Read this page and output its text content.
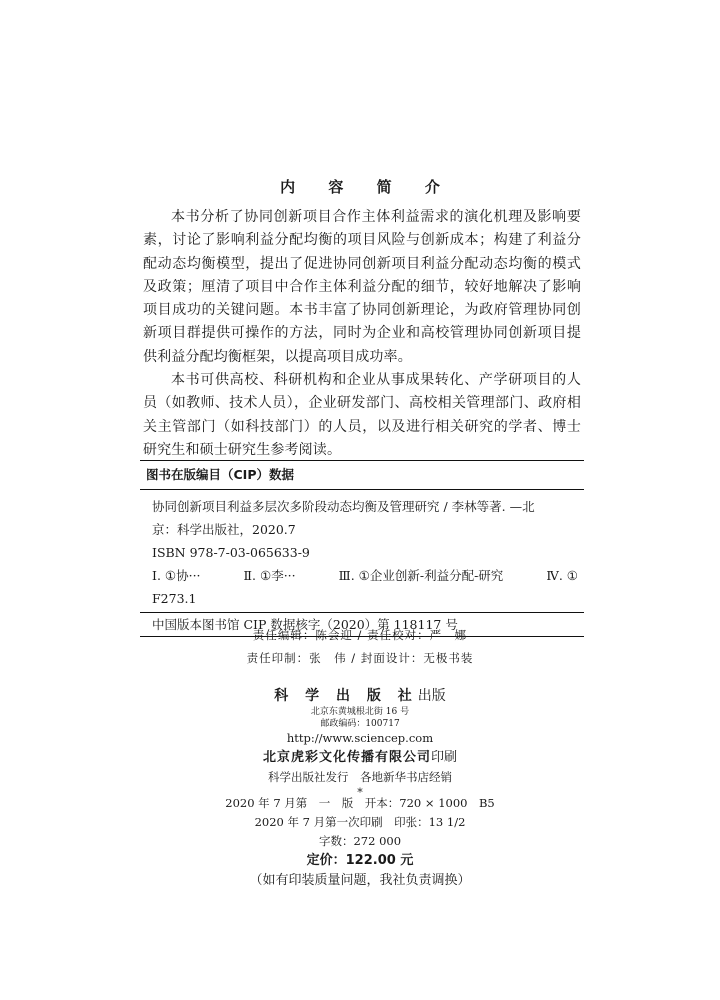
内 容 简 介

本书分析了协同创新项目合作主体利益需求的演化机理及影响要素，讨论了影响利益分配均衡的项目风险与创新成本；构建了利益分配动态均衡模型，提出了促进协同创新项目利益分配动态均衡的模式及政策；厘清了项目中合作主体利益分配的细节，较好地解决了影响项目成功的关键问题。本书丰富了协同创新理论，为政府管理协同创新项目群提供可操作的方法，同时为企业和高校管理协同创新项目提供利益分配均衡框架，以提高项目成功率。

本书可供高校、科研机构和企业从事成果转化、产学研项目的人员（如教师、技术人员），企业研发部门、高校相关管理部门、政府相关主管部门（如科技部门）的人员，以及进行相关研究的学者、博士研究生和硕士研究生参考阅读。

图书在版编目（CIP）数据
协同创新项目利益多层次多阶段动态均衡及管理研究 / 李林等著. —北
京：科学出版社，2020.7
ISBN 978-7-03-065633-9
Ⅰ. ①协···	Ⅱ. ①李···	Ⅲ. ①企业创新-利益分配-研究	Ⅳ. ①
F273.1
中国版本图书馆 CIP 数据核字（2020）第 118117 号
责任编辑：陈会迎 / 责任校对：严　娜
责任印制：张　伟 / 封面设计：无极书装
科 学 出 版 社出版
北京东黄城根北街 16 号
邮政编码：100717
http://www.sciencep.com
北京虎彩文化传播有限公司印刷
科学出版社发行　各地新华书店经销
*
2020 年 7 月第　一　版　开本：720 × 1000　B5
2020 年 7 月第一次印刷　印张：13 1/2
字数：272 000
定价：122.00 元
（如有印装质量问题，我社负责调换）
